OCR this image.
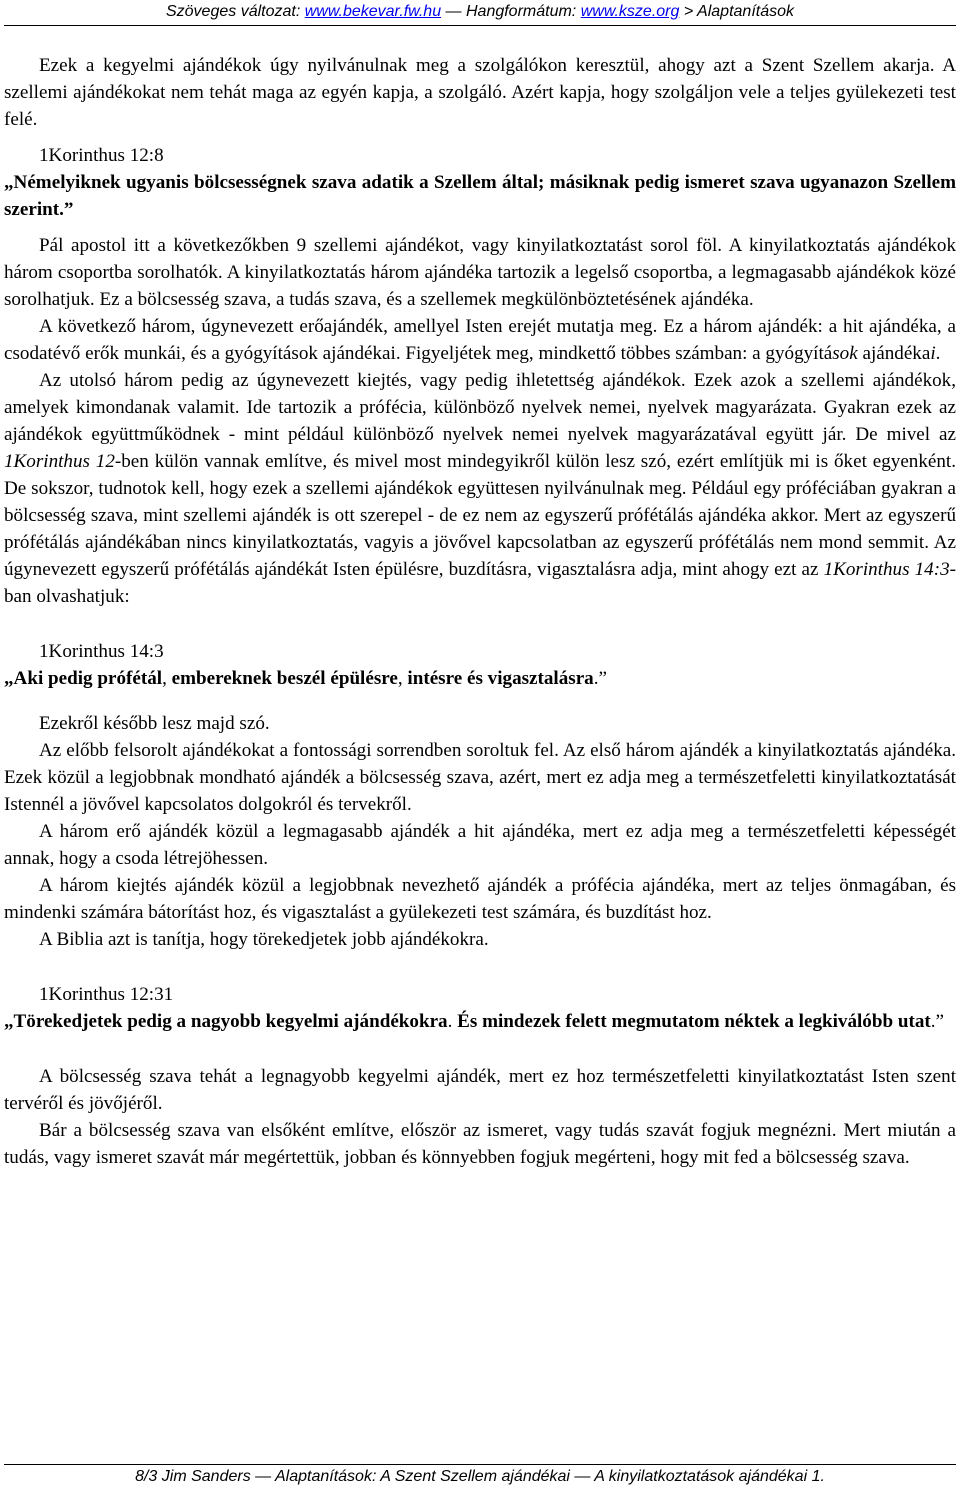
Szöveges változat: www.bekevar.fw.hu — Hangformátum: www.ksze.org > Alaptanítások

Ezek a kegyelmi ajándékok úgy nyilvánulnak meg a szolgálókon keresztül, ahogy azt a Szent Szellem akarja. A szellemi ajándékokat nem tehát maga az egyén kapja, a szolgáló. Azért kapja, hogy szolgáljon vele a teljes gyülekezeti test felé.

1Korinthus 12:8

„Némelyiknek ugyanis bölcsességnek szava adatik a Szellem által; másiknak pedig ismeret szava ugyanazon Szellem szerint.”

Pál apostol itt a következőkben 9 szellemi ajándékot, vagy kinyilatkoztatást sorol föl. A kinyilatkoztatás ajándékok három csoportba sorolhatók. A kinyilatkoztatás három ajándéka tartozik a legelső csoportba, a legmagasabb ajándékok közé sorolhatjuk. Ez a bölcsesség szava, a tudás szava, és a szellemek megkülönböztetésének ajándéka.

A következő három, úgynevezett erőajándék, amellyel Isten erejét mutatja meg. Ez a három ajándék: a hit ajándéka, a csodatévő erők munkái, és a gyógyítások ajándékai. Figyeljétek meg, mindkettő többes számban: a gyógyítások ajándékai.

Az utolsó három pedig az úgynevezett kiejtés, vagy pedig ihletettség ajándékok. Ezek azok a szellemi ajándékok, amelyek kimondanak valamit. Ide tartozik a prófécia, különböző nyelvek nemei, nyelvek magyarázata. Gyakran ezek az ajándékok együttműködnek - mint például különböző nyelvek nemei nyelvek magyarázatával együtt jár. De mivel az 1Korinthus 12-ben külön vannak említve, és mivel most mindegyikről külön lesz szó, ezért említjük mi is őket egyenként. De sokszor, tudnotok kell, hogy ezek a szellemi ajándékok együttesen nyilvánulnak meg. Például egy próféciában gyakran a bölcsesség szava, mint szellemi ajándék is ott szerepel - de ez nem az egyszerű prófétálás ajándéka akkor. Mert az egyszerű prófétálás ajándékában nincs kinyilatkoztatás, vagyis a jövővel kapcsolatban az egyszerű prófétálás nem mond semmit. Az úgynevezett egyszerű prófétálás ajándékát Isten épülésre, buzdításra, vigasztalásra adja, mint ahogy ezt az 1Korinthus 14:3-ban olvashatjuk:

1Korinthus 14:3

„Aki pedig prófétál, embereknek beszél épülésre, intésre és vigasztalásra.”

Ezekről később lesz majd szó.

Az előbb felsorolt ajándékokat a fontossági sorrendben soroltuk fel. Az első három ajándék a kinyilatkoztatás ajándéka. Ezek közül a legjobbnak mondható ajándék a bölcsesség szava, azért, mert ez adja meg a természetfeletti kinyilatkoztatását Istennél a jövővel kapcsolatos dolgokról és tervekről.

A három erő ajándék közül a legmagasabb ajándék a hit ajándéka, mert ez adja meg a természetfeletti képességét annak, hogy a csoda létrejöhessen.

A három kiejtés ajándék közül a legjobbnak nevezhető ajándék a prófécia ajándéka, mert az teljes önmagában, és mindenki számára bátorítást hoz, és vigasztalást a gyülekezeti test számára, és buzdítást hoz.

A Biblia azt is tanítja, hogy törekedjetek jobb ajándékokra.

1Korinthus 12:31

„Törekedjetek pedig a nagyobb kegyelmi ajándékokra. És mindezek felett megmutatom néktek a legkiválóbb utat.”

A bölcsesség szava tehát a legnagyobb kegyelmi ajándék, mert ez hoz természetfeletti kinyilatkoztatást Isten szent tervéről és jövőjéről.

Bár a bölcsesség szava van elsőként említve, először az ismeret, vagy tudás szavát fogjuk megnézni. Mert miután a tudás, vagy ismeret szavát már megértettük, jobban és könnyebben fogjuk megérteni, hogy mit fed a bölcsesség szava.

8/3 Jim Sanders — Alaptanítások: A Szent Szellem ajándékai — A kinyilatkoztatások ajándékai 1.
